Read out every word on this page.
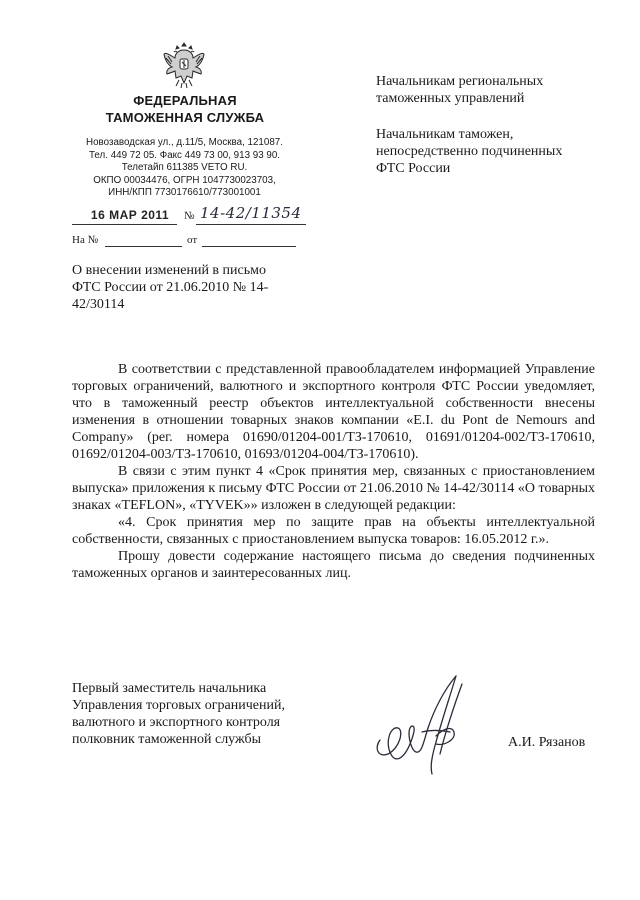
ФЕДЕРАЛЬНАЯ
ТАМОЖЕННАЯ СЛУЖБА
Новозаводская ул., д.11/5, Москва, 121087.
Тел. 449 72 05. Факс 449 73 00, 913 93 90.
Телетайп 611385 VETO RU.
ОКПО 00034476, ОГРН 1047730023703,
ИНН/КПП 7730176610/773001001
16 МАР 2011 № 14-42/11354
На №	от
Начальникам региональных
таможенных управлений
Начальникам таможен,
непосредственно подчиненных
ФТС России
О внесении изменений в письмо
ФТС России от 21.06.2010 № 14-
42/30114

В соответствии с представленной правообладателем информацией Управление торговых ограничений, валютного и экспортного контроля ФТС России уведомляет, что в таможенный реестр объектов интеллектуальной собственности внесены изменения в отношении товарных знаков компании «E.I. du Pont de Nemours and Company» (рег. номера 01690/01204-001/ТЗ-170610, 01691/01204-002/ТЗ-170610, 01692/01204-003/ТЗ-170610, 01693/01204-004/ТЗ-170610).

В связи с этим пункт 4 «Срок принятия мер, связанных с приостановлением выпуска» приложения к письму ФТС России от 21.06.2010 № 14-42/30114 «О товарных знаках «TEFLON», «TYVEK»» изложен в следующей редакции:

«4. Срок принятия мер по защите прав на объекты интеллектуальной собственности, связанных с приостановлением выпуска товаров: 16.05.2012 г.».

Прошу довести содержание настоящего письма до сведения подчиненных таможенных органов и заинтересованных лиц.

Первый заместитель начальника
Управления торговых ограничений,
валютного и экспортного контроля
полковник таможенной службы	А.И. Рязанов
